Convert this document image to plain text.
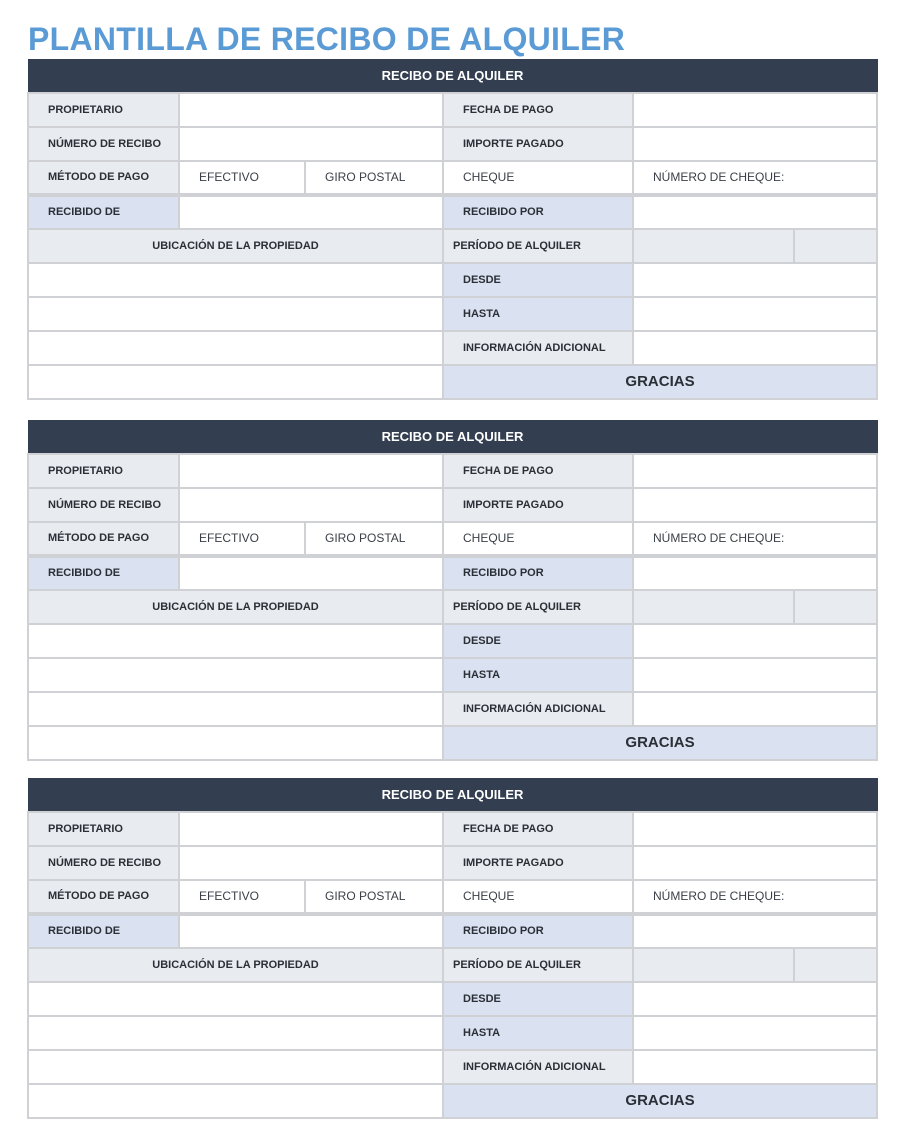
PLANTILLA DE RECIBO DE ALQUILER
RECIBO DE ALQUILER					
PROPIETARIO			FECHA DE PAGO		
NÚMERO DE RECIBO			IMPORTE PAGADO		
MÉTODO DE PAGO	EFECTIVO	GIRO POSTAL	CHEQUE	NÚMERO DE CHEQUE:	
RECIBIDO DE			RECIBIDO POR		
UBICACIÓN DE LA PROPIEDAD			PERÍODO DE ALQUILER		
			DESDE		
			HASTA		
			INFORMACIÓN ADICIONAL		
			GRACIAS		
RECIBO DE ALQUILER					
PROPIETARIO			FECHA DE PAGO		
NÚMERO DE RECIBO			IMPORTE PAGADO		
MÉTODO DE PAGO	EFECTIVO	GIRO POSTAL	CHEQUE	NÚMERO DE CHEQUE:	
RECIBIDO DE			RECIBIDO POR		
UBICACIÓN DE LA PROPIEDAD			PERÍODO DE ALQUILER		
			DESDE		
			HASTA		
			INFORMACIÓN ADICIONAL		
			GRACIAS		
RECIBO DE ALQUILER					
PROPIETARIO			FECHA DE PAGO		
NÚMERO DE RECIBO			IMPORTE PAGADO		
MÉTODO DE PAGO	EFECTIVO	GIRO POSTAL	CHEQUE	NÚMERO DE CHEQUE:	
RECIBIDO DE			RECIBIDO POR		
UBICACIÓN DE LA PROPIEDAD			PERÍODO DE ALQUILER		
			DESDE		
			HASTA		
			INFORMACIÓN ADICIONAL		
			GRACIAS		
